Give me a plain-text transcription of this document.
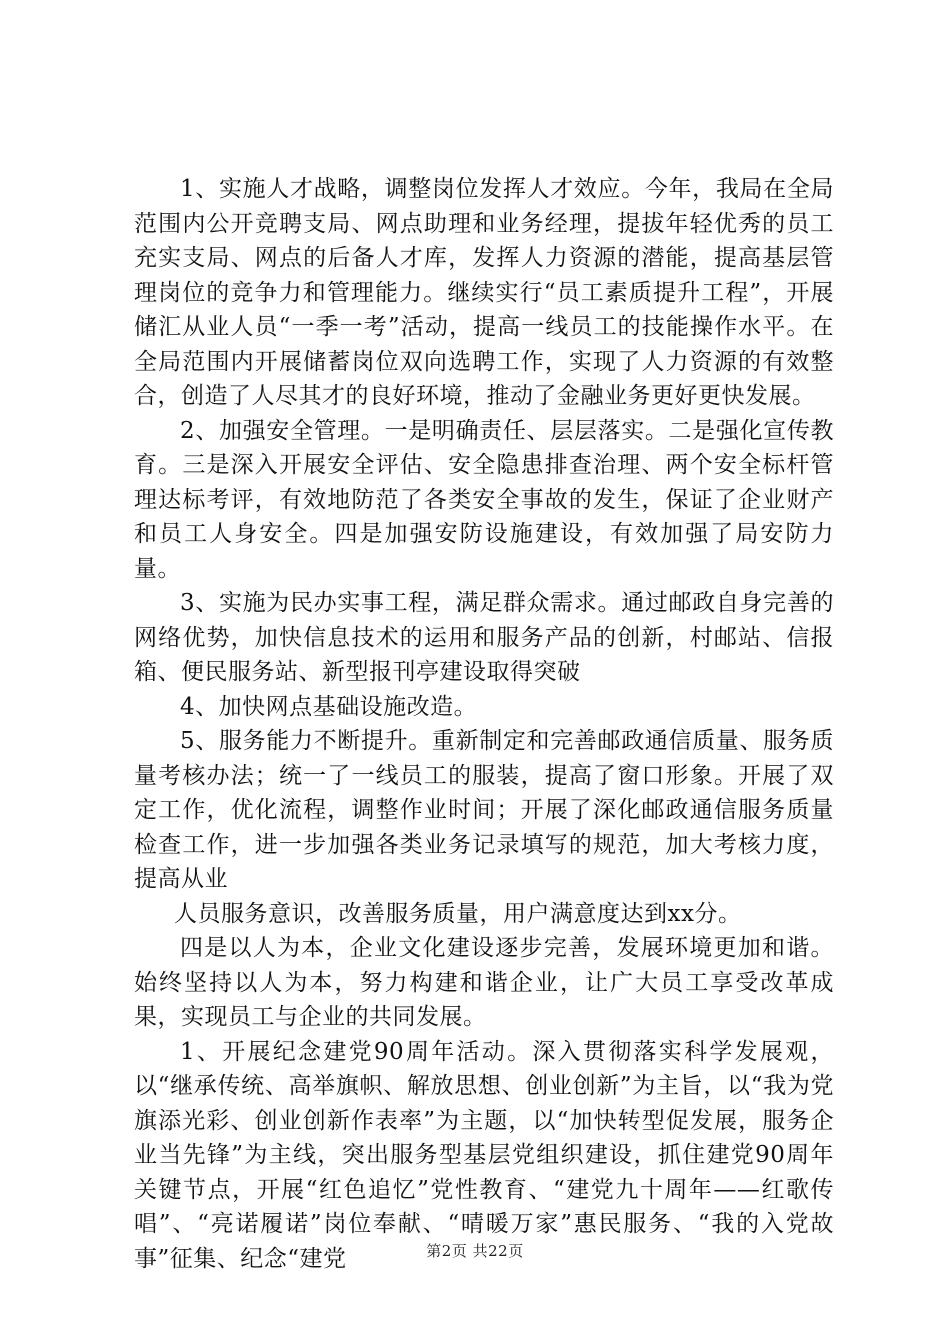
1、实施人才战略，调整岗位发挥人才效应。今年，我局在全局范围内公开竞聘支局、网点助理和业务经理，提拔年轻优秀的员工充实支局、网点的后备人才库，发挥人力资源的潜能，提高基层管理岗位的竞争力和管理能力。继续实行“员工素质提升工程”，开展储汇从业人员“一季一考”活动，提高一线员工的技能操作水平。在全局范围内开展储蓄岗位双向选聘工作，实现了人力资源的有效整合，创造了人尽其才的良好环境，推动了金融业务更好更快发展。

2、加强安全管理。一是明确责任、层层落实。二是强化宣传教育。三是深入开展安全评估、安全隐患排查治理、两个安全标杆管理达标考评，有效地防范了各类安全事故的发生，保证了企业财产和员工人身安全。四是加强安防设施建设，有效加强了局安防力量。

3、实施为民办实事工程，满足群众需求。通过邮政自身完善的网络优势，加快信息技术的运用和服务产品的创新，村邮站、信报箱、便民服务站、新型报刊亭建设取得突破

4、加快网点基础设施改造。

5、服务能力不断提升。重新制定和完善邮政通信质量、服务质量考核办法；统一了一线员工的服装，提高了窗口形象。开展了双定工作，优化流程，调整作业时间；开展了深化邮政通信服务质量检查工作，进一步加强各类业务记录填写的规范，加大考核力度，提高从业

人员服务意识，改善服务质量，用户满意度达到xx分。

四是以人为本，企业文化建设逐步完善，发展环境更加和谐。始终坚持以人为本，努力构建和谐企业，让广大员工享受改革成果，实现员工与企业的共同发展。

1、开展纪念建党90周年活动。深入贯彻落实科学发展观，以“继承传统、高举旗帜、解放思想、创业创新”为主旨，以“我为党旗添光彩、创业创新作表率”为主题，以“加快转型促发展，服务企业当先锋”为主线，突出服务型基层党组织建设，抓住建党90周年关键节点，开展“红色追忆”党性教育、“建党九十周年——红歌传唱”、“亮诺履诺”岗位奉献、“晴暖万家”惠民服务、“我的入党故事”征集、纪念“建党	第2页 共22页
